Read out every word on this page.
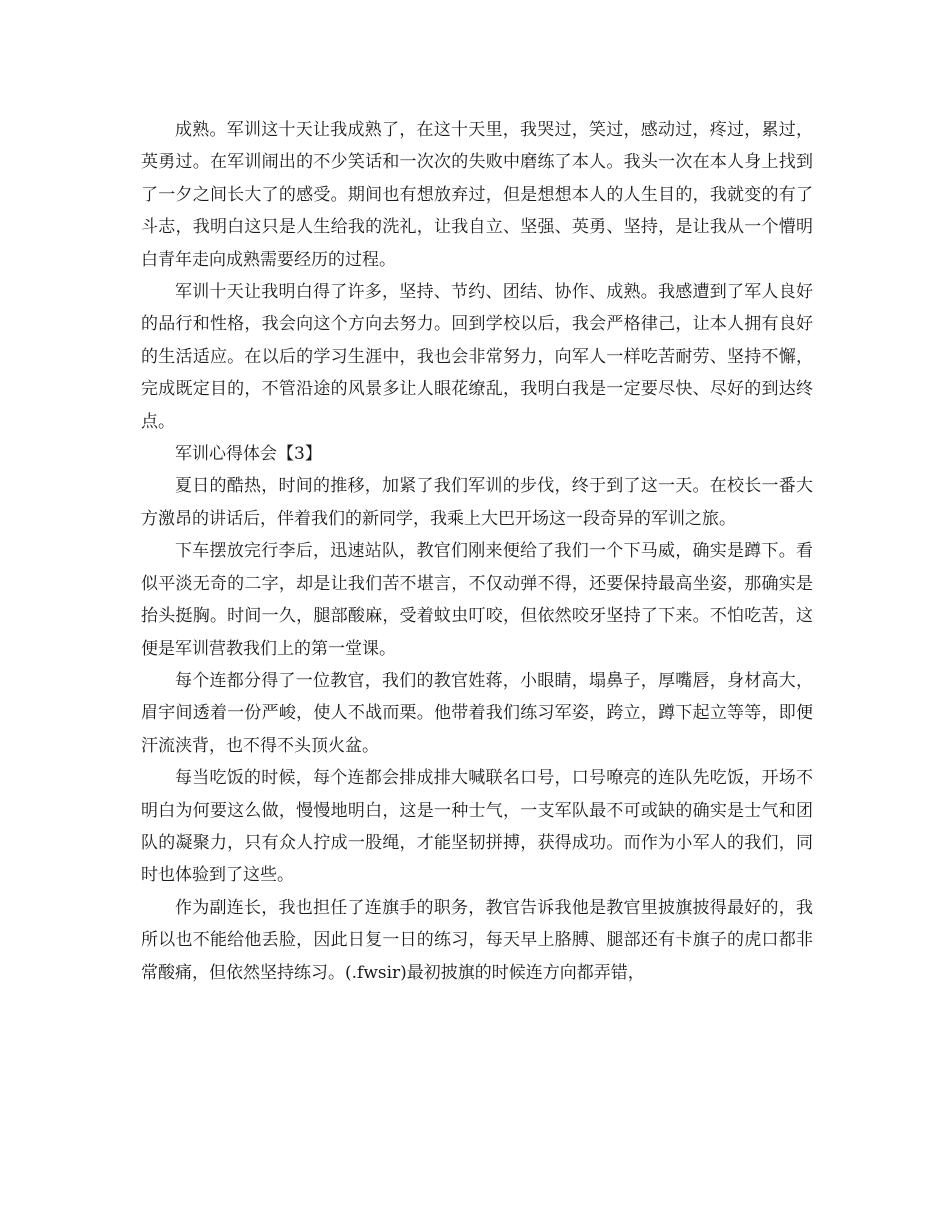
成熟。军训这十天让我成熟了，在这十天里，我哭过，笑过，感动过，疼过，累过，英勇过。在军训闹出的不少笑话和一次次的失败中磨练了本人。我头一次在本人身上找到了一夕之间长大了的感受。期间也有想放弃过，但是想想本人的人生目的，我就变的有了斗志，我明白这只是人生给我的洗礼，让我自立、坚强、英勇、坚持，是让我从一个懵明白青年走向成熟需要经历的过程。

军训十天让我明白得了许多，坚持、节约、团结、协作、成熟。我感遭到了军人良好的品行和性格，我会向这个方向去努力。回到学校以后，我会严格律己，让本人拥有良好的生活适应。在以后的学习生涯中，我也会非常努力，向军人一样吃苦耐劳、坚持不懈，完成既定目的，不管沿途的风景多让人眼花缭乱，我明白我是一定要尽快、尽好的到达终点。

军训心得体会【3】

夏日的酷热，时间的推移，加紧了我们军训的步伐，终于到了这一天。在校长一番大方激昂的讲话后，伴着我们的新同学，我乘上大巴开场这一段奇异的军训之旅。

下车摆放完行李后，迅速站队，教官们刚来便给了我们一个下马威，确实是蹲下。看似平淡无奇的二字，却是让我们苦不堪言，不仅动弹不得，还要保持最高坐姿，那确实是抬头挺胸。时间一久，腿部酸麻，受着蚊虫叮咬，但依然咬牙坚持了下来。不怕吃苦，这便是军训营教我们上的第一堂课。

每个连都分得了一位教官，我们的教官姓蒋，小眼睛，塌鼻子，厚嘴唇，身材高大，眉宇间透着一份严峻，使人不战而栗。他带着我们练习军姿，跨立，蹲下起立等等，即便汗流浃背，也不得不头顶火盆。

每当吃饭的时候，每个连都会排成排大喊联名口号，口号嘹亮的连队先吃饭，开场不明白为何要这么做，慢慢地明白，这是一种士气，一支军队最不可或缺的确实是士气和团队的凝聚力，只有众人拧成一股绳，才能坚韧拼搏，获得成功。而作为小军人的我们，同时也体验到了这些。

作为副连长，我也担任了连旗手的职务，教官告诉我他是教官里披旗披得最好的，我所以也不能给他丢脸，因此日复一日的练习，每天早上胳膊、腿部还有卡旗子的虎口都非常酸痛，但依然坚持练习。(.fwsir)最初披旗的时候连方向都弄错，
